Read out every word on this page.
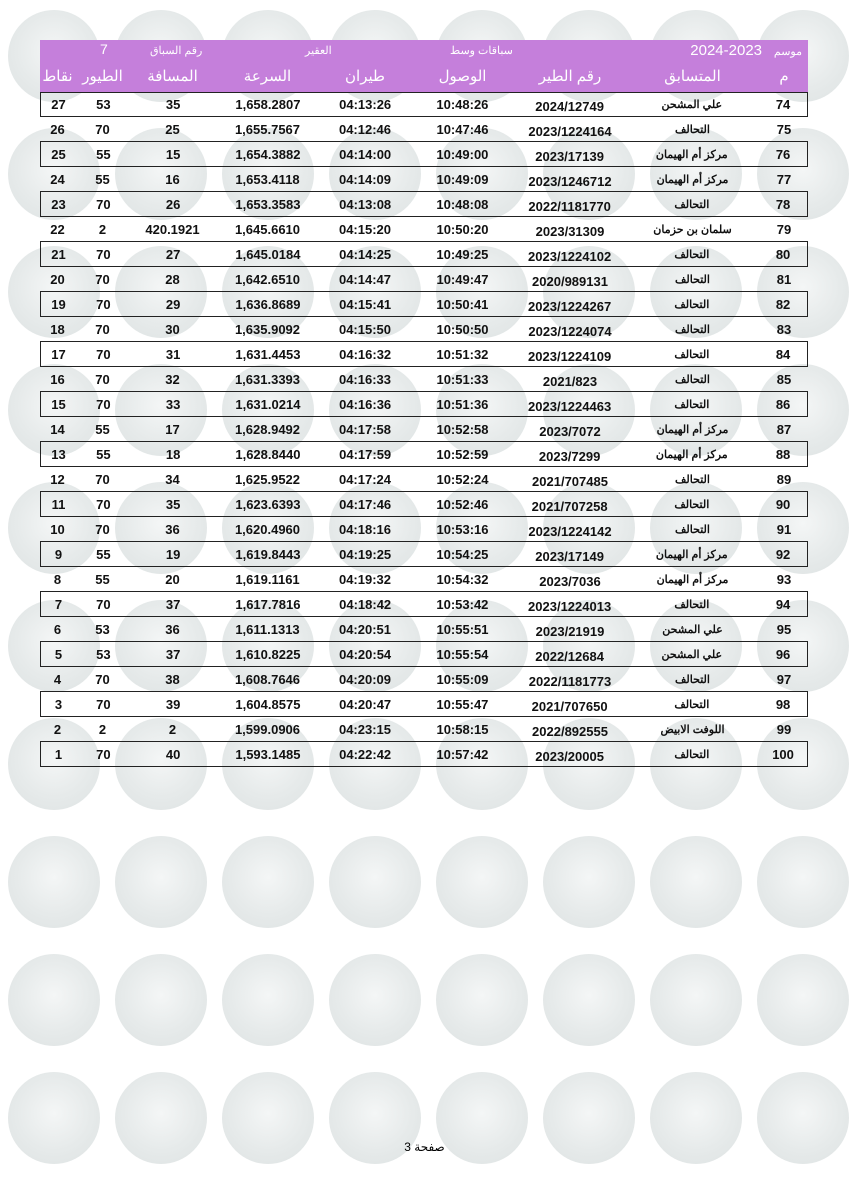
موسم
2024-2023
سباقات وسط
العقير
رقم السباق
7
نقاط الطيور	المسافة	السرعة	طيران	الوصول	رقم الطير	المتسابق	م
27	53	35	1,658.2807	04:13:26	10:48:26	2024/12749	علي المشحن	74
26	70	25	1,655.7567	04:12:46	10:47:46	2023/1224164	التحالف	75
25	55	15	1,654.3882	04:14:00	10:49:00	2023/17139	مركز أم الهيمان	76
24	55	16	1,653.4118	04:14:09	10:49:09	2023/1246712	مركز أم الهيمان	77
23	70	26	1,653.3583	04:13:08	10:48:08	2022/1181770	التحالف	78
22	2	420.1921	1,645.6610	04:15:20	10:50:20	2023/31309	سلمان بن حزمان	79
21	70	27	1,645.0184	04:14:25	10:49:25	2023/1224102	التحالف	80
20	70	28	1,642.6510	04:14:47	10:49:47	2020/989131	التحالف	81
19	70	29	1,636.8689	04:15:41	10:50:41	2023/1224267	التحالف	82
18	70	30	1,635.9092	04:15:50	10:50:50	2023/1224074	التحالف	83
17	70	31	1,631.4453	04:16:32	10:51:32	2023/1224109	التحالف	84
16	70	32	1,631.3393	04:16:33	10:51:33	2021/823	التحالف	85
15	70	33	1,631.0214	04:16:36	10:51:36	2023/1224463	التحالف	86
14	55	17	1,628.9492	04:17:58	10:52:58	2023/7072	مركز أم الهيمان	87
13	55	18	1,628.8440	04:17:59	10:52:59	2023/7299	مركز أم الهيمان	88
12	70	34	1,625.9522	04:17:24	10:52:24	2021/707485	التحالف	89
11	70	35	1,623.6393	04:17:46	10:52:46	2021/707258	التحالف	90
10	70	36	1,620.4960	04:18:16	10:53:16	2023/1224142	التحالف	91
9	55	19	1,619.8443	04:19:25	10:54:25	2023/17149	مركز أم الهيمان	92
8	55	20	1,619.1161	04:19:32	10:54:32	2023/7036	مركز أم الهيمان	93
7	70	37	1,617.7816	04:18:42	10:53:42	2023/1224013	التحالف	94
6	53	36	1,611.1313	04:20:51	10:55:51	2023/21919	علي المشحن	95
5	53	37	1,610.8225	04:20:54	10:55:54	2022/12684	علي المشحن	96
4	70	38	1,608.7646	04:20:09	10:55:09	2022/1181773	التحالف	97
3	70	39	1,604.8575	04:20:47	10:55:47	2021/707650	التحالف	98
2	2	2	1,599.0906	04:23:15	10:58:15	2022/892555	اللوفت الابيض	99
1	70	40	1,593.1485	04:22:42	10:57:42	2023/20005	التحالف	100
صفحة 3
